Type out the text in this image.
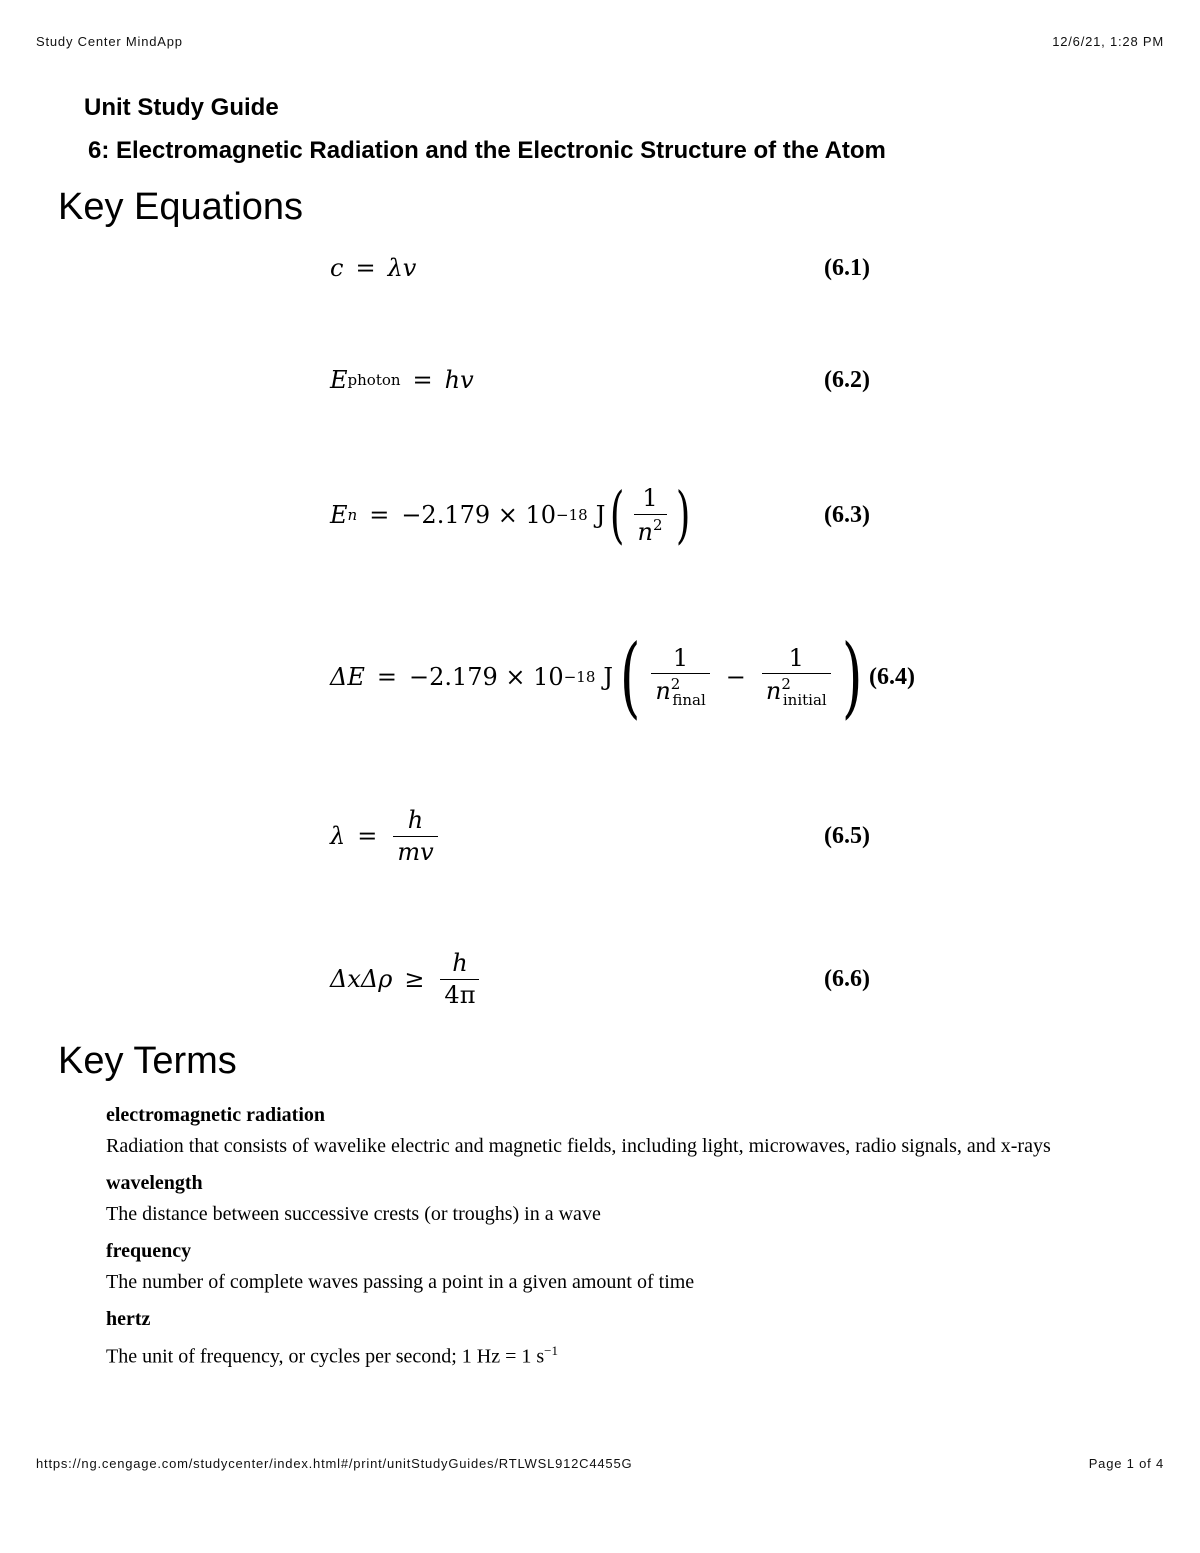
Study Center MindApp	12/6/21, 1:28 PM
Unit Study Guide
6: Electromagnetic Radiation and the Electronic Structure of the Atom
Key Equations
c = λ v	(6.1)
E photon = h v	(6.2)
E n = −2.179 × 10 −18 J ( $\frac{1}{n^2}$ )	(6.3)
ΔE = −2.179 × 10 −18 J ( $\frac{1}{n^2_{final}} - \frac{1}{n^2_{initial}}$ ) (6.4)
$\lambda = \frac{h}{mv}$	(6.5)
$\Delta x\Delta\rho \ge \frac{h}{4\pi}$	(6.6)
Key Terms
electromagnetic radiation
Radiation that consists of wavelike electric and magnetic fields, including light, microwaves, radio signals, and x-rays
wavelength
The distance between successive crests (or troughs) in a wave
frequency
The number of complete waves passing a point in a given amount of time
hertz
The unit of frequency, or cycles per second; 1 Hz = 1 $s^{-1}$
https://ng.cengage.com/studycenter/index.html#/print/unitStudyGuides/RTLWSL912C4455G	Page 1 of 4
